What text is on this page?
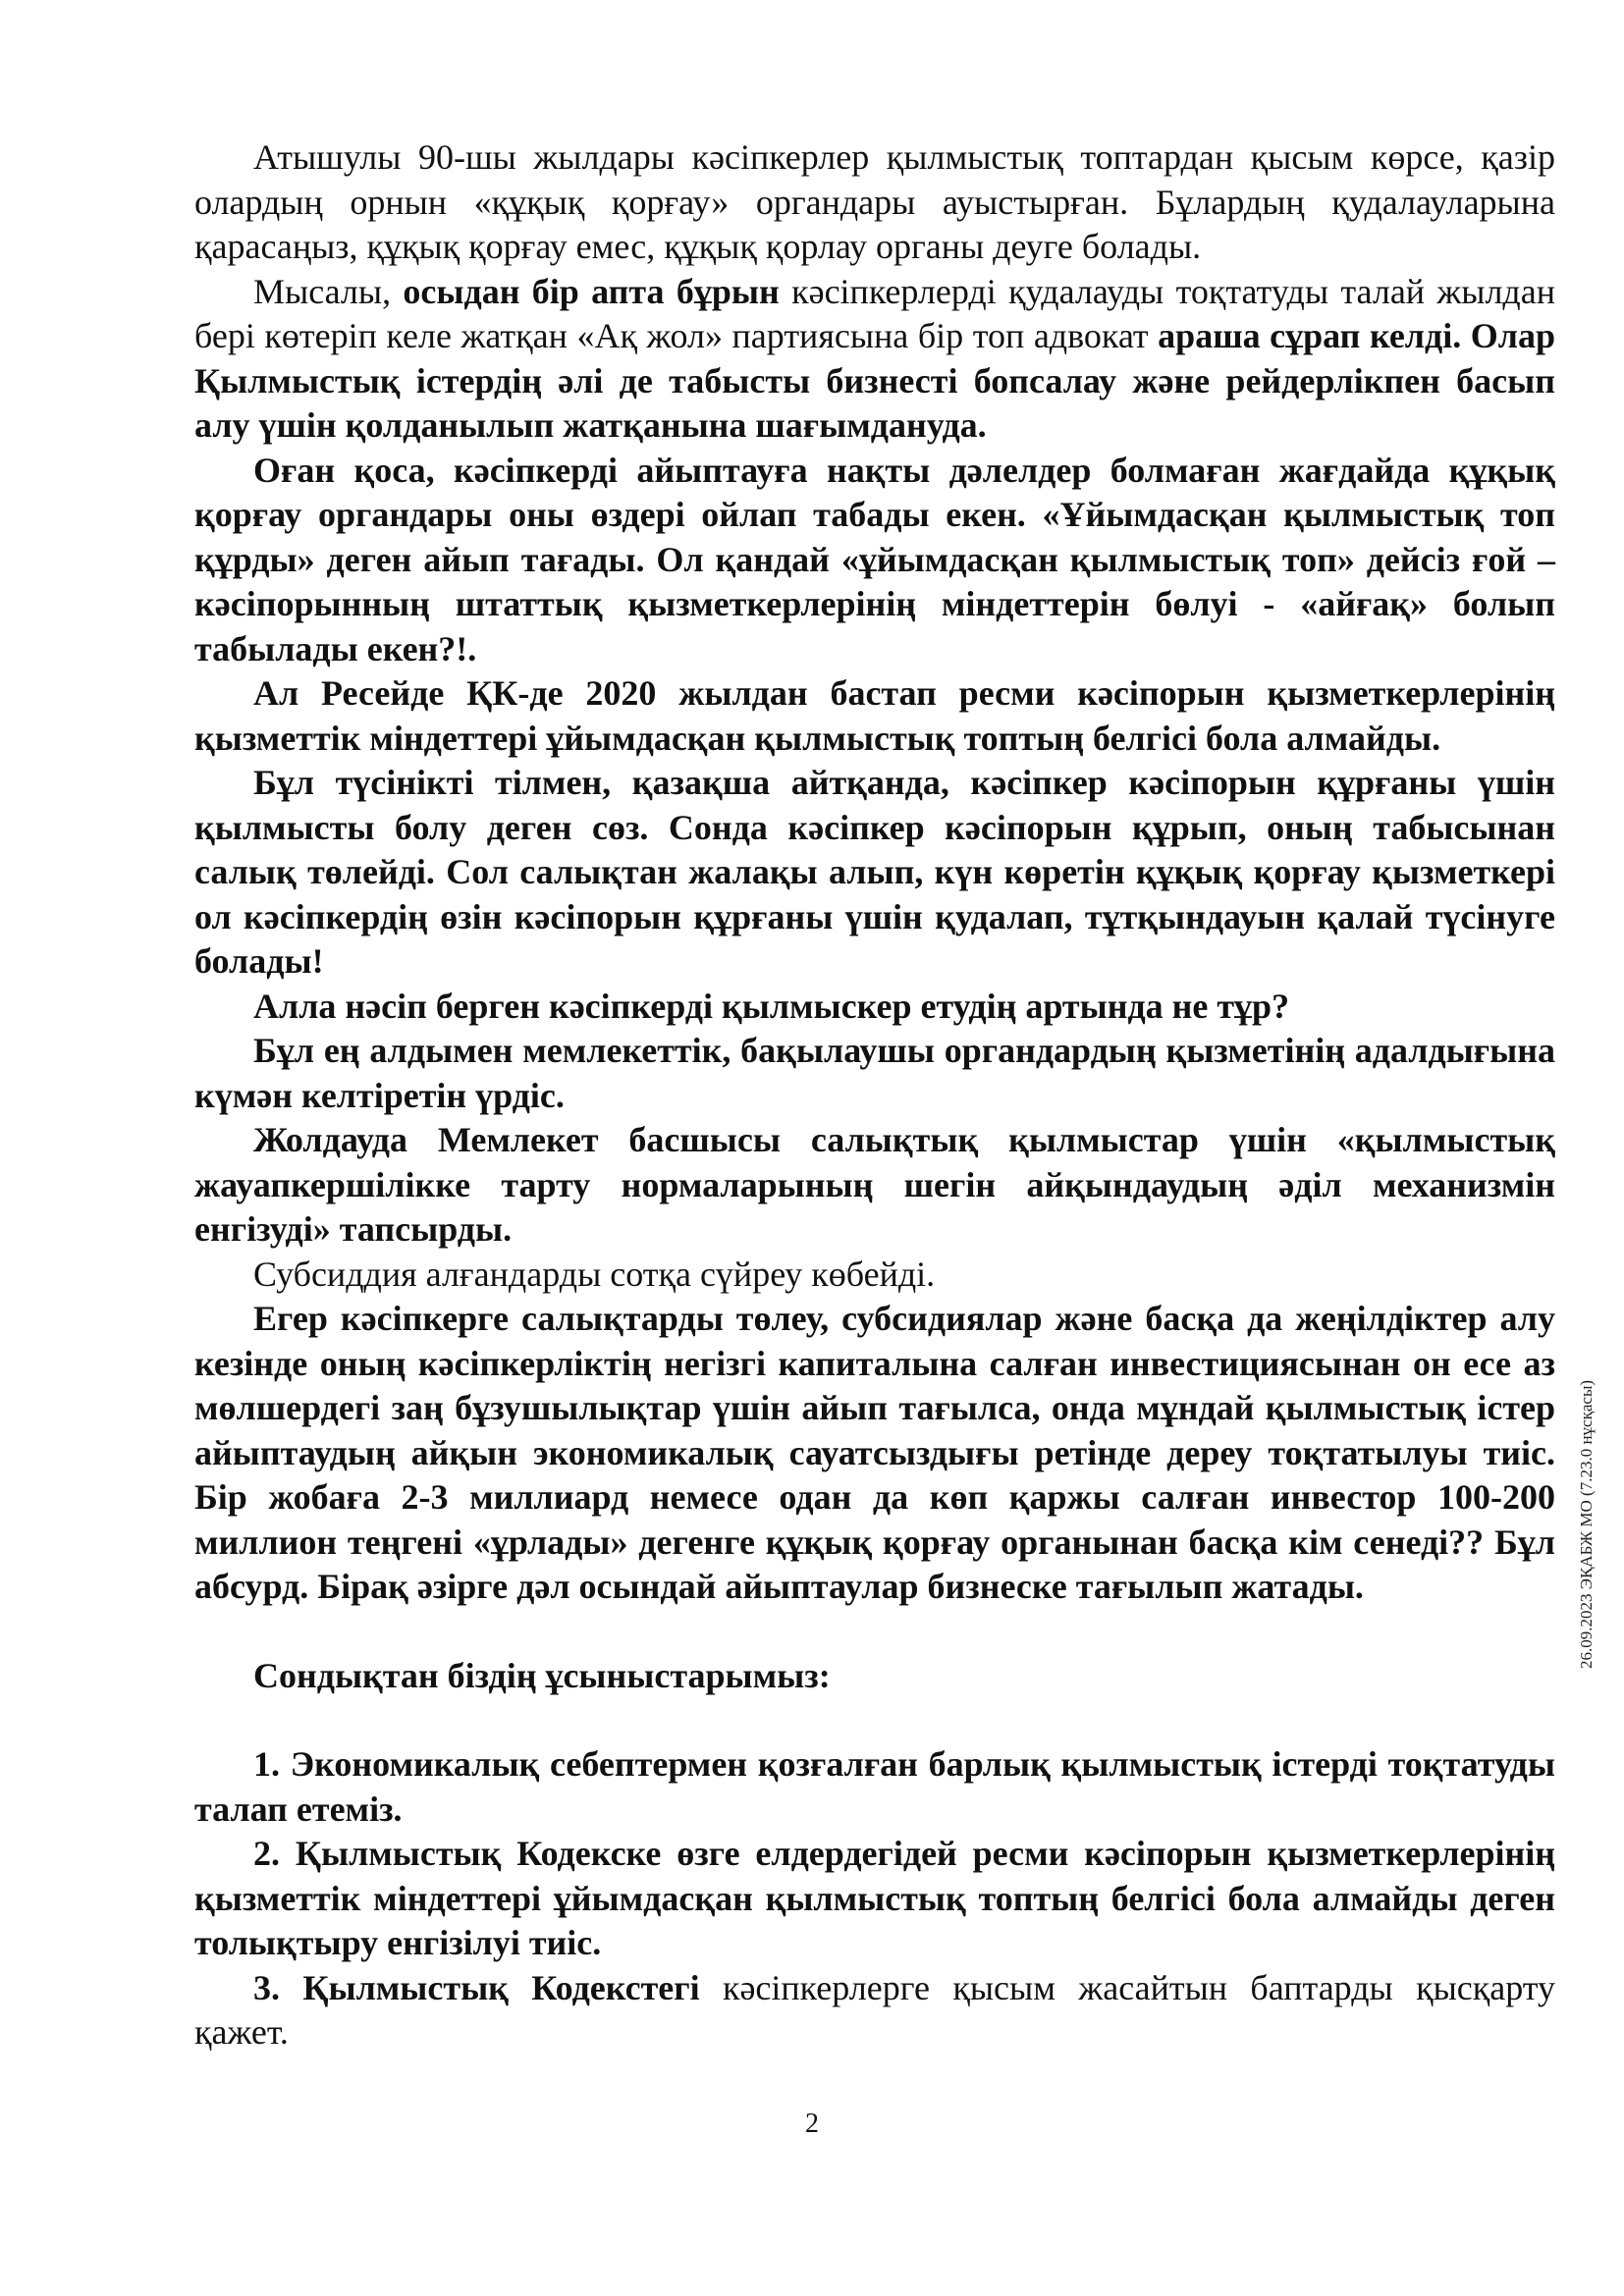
Атышулы 90-шы жылдары кәсіпкерлер қылмыстық топтардан қысым көрсе, қазір олардың орнын «құқық қорғау» органдары ауыстырған. Бұлардың қудалауларына қарасаңыз, құқық қорғау емес, құқық қорлау органы деуге болады.

Мысалы, осыдан бір апта бұрын кәсіпкерлерді қудалауды тоқтатуды талай жылдан бері көтеріп келе жатқан «Ақ жол» партиясына бір топ адвокат араша сұрап келді. Олар Қылмыстық істердің әлі де табысты бизнесті бопсалау және рейдерлікпен басып алу үшін қолданылып жатқанына шағымдануда.

Оған қоса, кәсіпкерді айыптауға нақты дәлелдер болмаған жағдайда құқық қорғау органдары оны өздері ойлап табады екен. «Ұйымдасқан қылмыстық топ құрды» деген айып тағады. Ол қандай «ұйымдасқан қылмыстық топ» дейсіз ғой – кәсіпорынның штаттық қызметкерлерінің міндеттерін бөлуі - «айғақ» болып табылады екен?!.

Ал Ресейде ҚК-де 2020 жылдан бастап ресми кәсіпорын қызметкерлерінің қызметтік міндеттері ұйымдасқан қылмыстық топтың белгісі бола алмайды.

Бұл түсінікті тілмен, қазақша айтқанда, кәсіпкер кәсіпорын құрғаны үшін қылмысты болу деген сөз. Сонда кәсіпкер кәсіпорын құрып, оның табысынан салық төлейді. Сол салықтан жалақы алып, күн көретін құқық қорғау қызметкері ол кәсіпкердің өзін кәсіпорын құрғаны үшін қудалап, тұтқындауын қалай түсінуге болады!

Алла нәсіп берген кәсіпкерді қылмыскер етудің артында не тұр?

Бұл ең алдымен мемлекеттік, бақылаушы органдардың қызметінің адалдығына күмән келтіретін үрдіс.

Жолдауда Мемлекет басшысы салықтық қылмыстар үшін «қылмыстық жауапкершілікке тарту нормаларының шегін айқындаудың әділ механизмін енгізуді» тапсырды.

Субсиддия алғандарды сотқа сүйреу көбейді.

Егер кәсіпкерге салықтарды төлеу, субсидиялар және басқа да жеңілдіктер алу кезінде оның кәсіпкерліктің негізгі капиталына салған инвестициясынан он есе аз мөлшердегі заң бұзушылықтар үшін айып тағылса, онда мұндай қылмыстық істер айыптаудың айқын экономикалық сауатсыздығы ретінде дереу тоқтатылуы тиіс. Бір жобаға 2-3 миллиард немесе одан да көп қаржы салған инвестор 100-200 миллион теңгені «ұрлады» дегенге құқық қорғау органынан басқа кім сенеді?? Бұл абсурд. Бірақ әзірге дәл осындай айыптаулар бизнеске тағылып жатады.

Сондықтан біздің ұсыныстарымыз:

1. Экономикалық себептермен қозғалған барлық қылмыстық істерді тоқтатуды талап етеміз.

2. Қылмыстық Кодекске өзге елдердегідей ресми кәсіпорын қызметкерлерінің қызметтік міндеттері ұйымдасқан қылмыстық топтың белгісі бола алмайды деген толықтыру енгізілуі тиіс.

3. Қылмыстық Кодекстегі кәсіпкерлерге қысым жасайтын баптарды қысқарту қажет.

26.09.2023 ЭҚАБЖ МО (7.23.0 нұсқасы)
2
